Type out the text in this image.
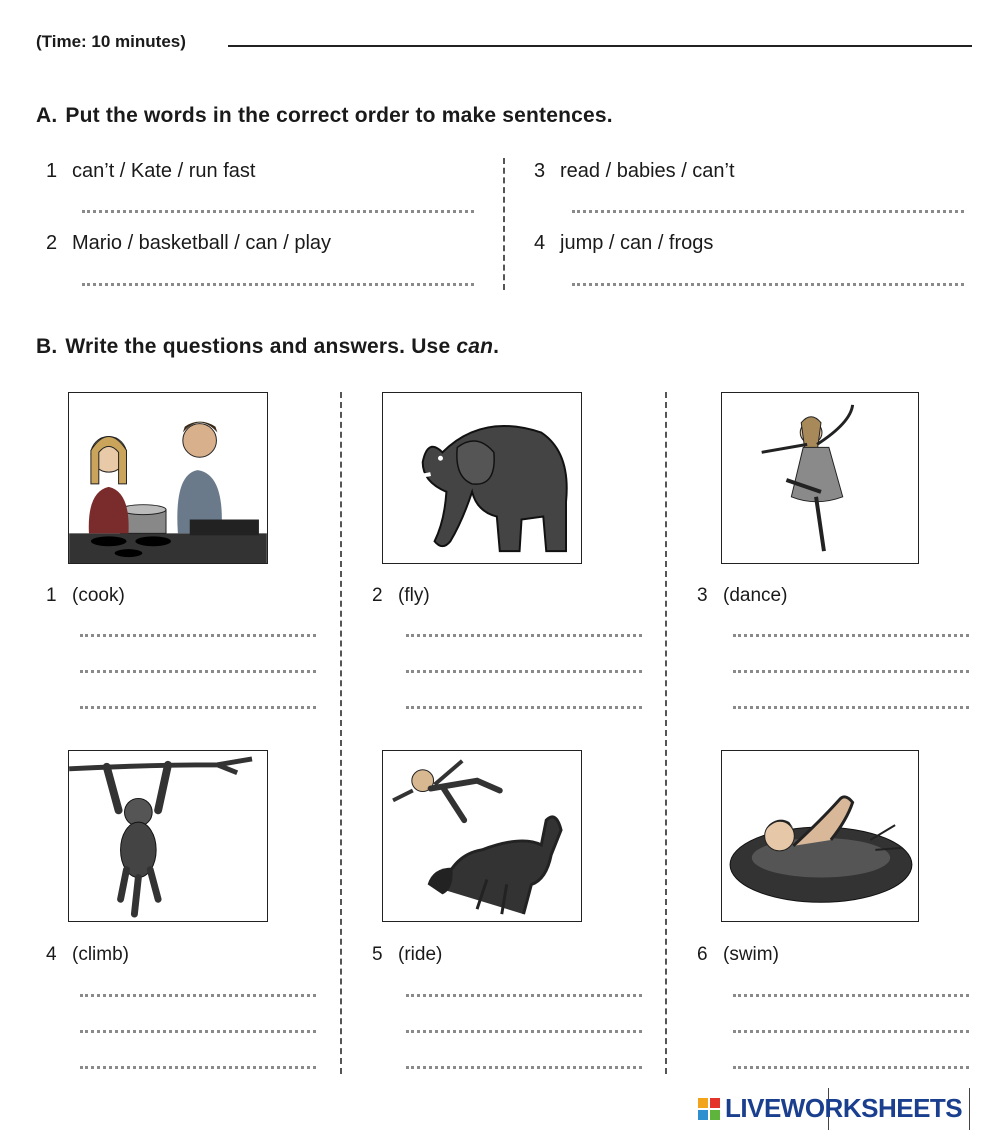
(Time: 10 minutes)
A. Put the words in the correct order to make sentences.
1 can’t / Kate / run fast
2 Mario / basketball / can / play
3 read / babies / can’t
4 jump / can / frogs
B. Write the questions and answers. Use can.
1 (cook)	2 (fly)	3 (dance)
4 (climb)	5 (ride)	6 (swim)
LIVEWORKSHEETS
